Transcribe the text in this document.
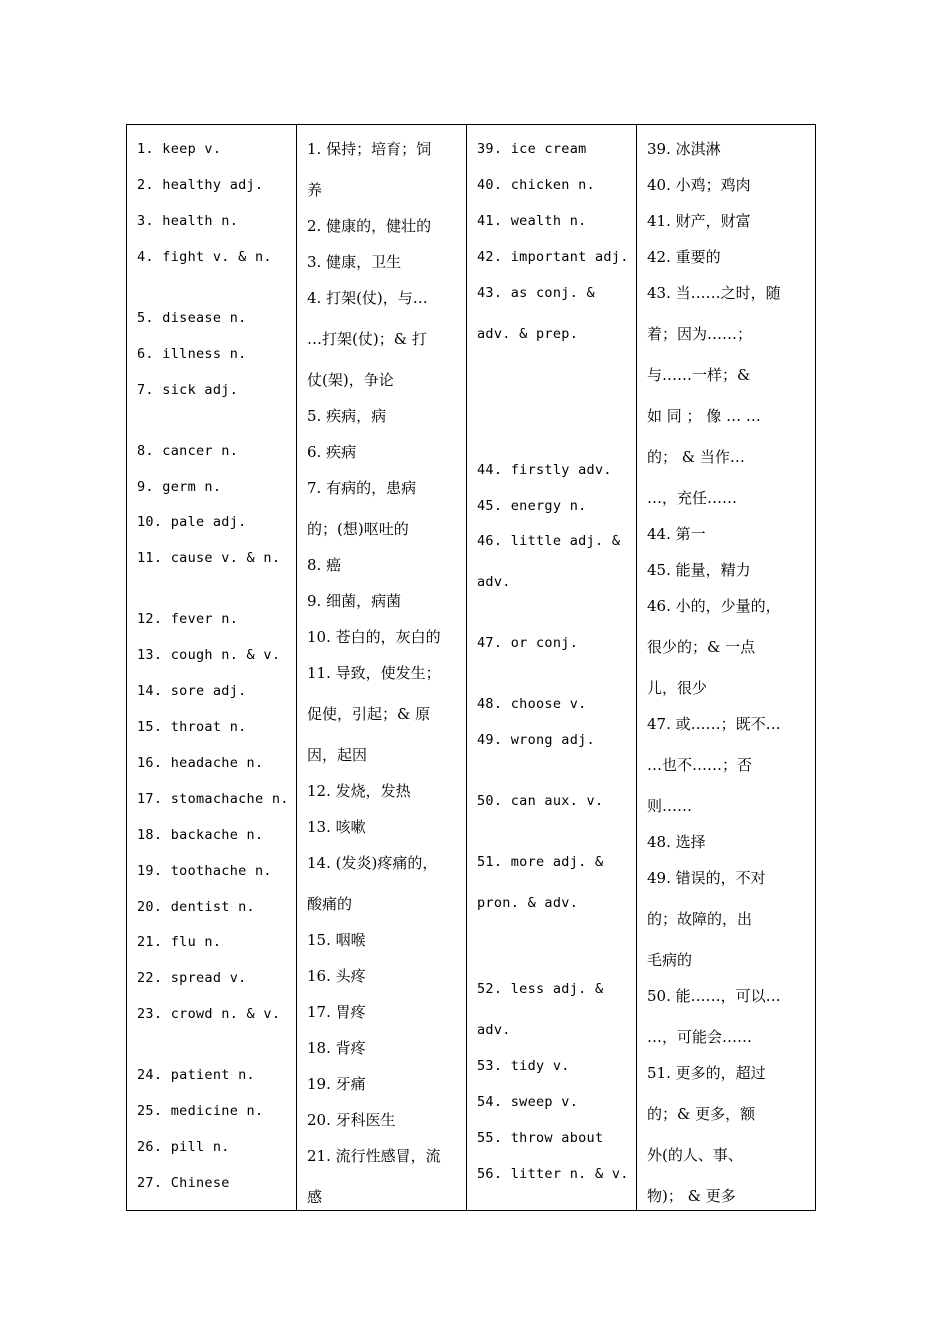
1. keep v.
2. healthy adj.
3. health n.
4. fight v. & n.
5. disease n.
6. illness n.
7. sick adj.
8. cancer n.
9. germ n.
10. pale adj.
11. cause v. & n.
12. fever n.
13. cough n. & v.
14. sore adj.
15. throat n.
16. headache n.
17. stomachache n.
18. backache n.
19. toothache n.
20. dentist n.
21. flu n.
22. spread v.
23. crowd n. & v.
24. patient n.
25. medicine n.
26. pill n.
27. Chinese
1. 保持；培育；饲
养
2. 健康的，健壮的
3. 健康，卫生
4. 打架(仗)，与…
…打架(仗)；& 打
仗(架)，争论
5. 疾病，病
6. 疾病
7. 有病的，患病
的；(想)呕吐的
8. 癌
9. 细菌，病菌
10. 苍白的，灰白的
11. 导致，使发生；
促使，引起；& 原
因，起因
12. 发烧，发热
13. 咳嗽
14. (发炎)疼痛的，
酸痛的
15. 咽喉
16. 头疼
17. 胃疼
18. 背疼
19. 牙痛
20. 牙科医生
21. 流行性感冒，流
感
39. ice cream
40. chicken n.
41. wealth n.
42. important adj.
43. as conj. &
adv. & prep.
44. firstly adv.
45. energy n.
46. little adj. &
adv.
47. or conj.
48. choose v.
49. wrong adj.
50. can aux. v.
51. more adj. &
pron. & adv.
52. less adj. &
adv.
53. tidy v.
54. sweep v.
55. throw about
56. litter n. & v.
39. 冰淇淋
40. 小鸡；鸡肉
41. 财产，财富
42. 重要的
43. 当……之时，随
着；因为……；
与……一样；&
如 同 ； 像 … …
的； & 当作…
…，充任……
44. 第一
45. 能量，精力
46. 小的，少量的，
很少的；& 一点
儿，很少
47. 或……；既不…
…也不……；否
则……
48. 选择
49. 错误的，不对
的；故障的，出
毛病的
50. 能……，可以…
…，可能会……
51. 更多的，超过
的；& 更多，额
外(的人、事、
物)； & 更多
